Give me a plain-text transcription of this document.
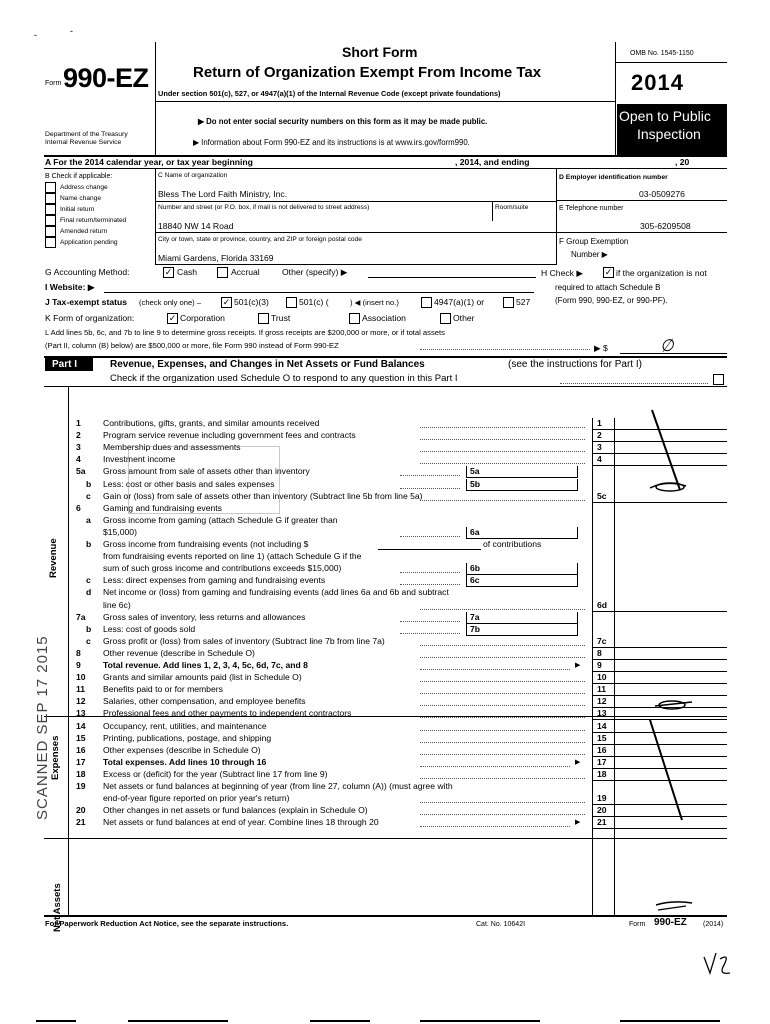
-	-
Form 990-EZ
Short Form
Return of Organization Exempt From Income Tax
Under section 501(c), 527, or 4947(a)(1) of the Internal Revenue Code (except private foundations)
▶ Do not enter social security numbers on this form as it may be made public.
▶ Information about Form 990-EZ and its instructions is at www.irs.gov/form990.
Department of the Treasury
Internal Revenue Service
OMB No. 1545-1150
2014
Open to Public
Inspection
A For the 2014 calendar year, or tax year beginning	, 2014, and ending	, 20
B Check if applicable:
Address change
Name change
Initial return
Final return/terminated
Amended return
Application pending
C Name of organization
Bless The Lord Faith Ministry, Inc.
Number and street (or P.O. box, if mail is not delivered to street address)	Room/suite
18840 NW 14 Road
City or town, state or province, country, and ZIP or foreign postal code
Miami Gardens, Florida 33169
D Employer identification number
03-0509276
E Telephone number
305-6209508
F Group Exemption
Number ▶
G Accounting Method:	✓ Cash	Accrual	Other (specify) ▶	H Check ▶ ✓ if the organization is not
required to attach Schedule B
(Form 990, 990-EZ, or 990-PF).
I Website: ▶
J Tax-exempt status (check only one) – ✓ 501(c)(3)	501(c) (	) ◀ (insert no.)	4947(a)(1) or	527
K Form of organization:	✓ Corporation	Trust	Association	Other
L Add lines 5b, 6c, and 7b to line 9 to determine gross receipts. If gross receipts are $200,000 or more, or if total assets
(Part II, column (B) below) are $500,000 or more, file Form 990 instead of Form 990-EZ	▶ $	∅
Part I	Revenue, Expenses, and Changes in Net Assets or Fund Balances	(see the instructions for Part I)
Check if the organization used Schedule O to respond to any question in this Part I
1	Contributions, gifts, grants, and similar amounts received	1
2	Program service revenue including government fees and contracts	2
3	Membership dues and assessments	3
4	Investment income	4
5a Gross amount from sale of assets other than inventory	5a
b Less: cost or other basis and sales expenses	5b
c Gain or (loss) from sale of assets other than inventory (Subtract line 5b from line 5a)	5c
6	Gaming and fundraising events
a Gross income from gaming (attach Schedule G if greater than
$15,000)	6a
b Gross income from fundraising events (not including $	of contributions
from fundraising events reported on line 1) (attach Schedule G if the
sum of such gross income and contributions exceeds $15,000)	6b
c Less: direct expenses from gaming and fundraising events	6c
d Net income or (loss) from gaming and fundraising events (add lines 6a and 6b and subtract
line 6c)	6d
7a Gross sales of inventory, less returns and allowances	7a
b Less: cost of goods sold	7b
c Gross profit or (loss) from sales of inventory (Subtract line 7b from line 7a)	7c
8	Other revenue (describe in Schedule O)	8
9	Total revenue. Add lines 1, 2, 3, 4, 5c, 6d, 7c, and 8	▶ 9
10 Grants and similar amounts paid (list in Schedule O)	10
11 Benefits paid to or for members	11
12 Salaries, other compensation, and employee benefits	12
13 Professional fees and other payments to independent contractors	13
14 Occupancy, rent, utilities, and maintenance	14
15 Printing, publications, postage, and shipping	15
16 Other expenses (describe in Schedule O)	16
17 Total expenses. Add lines 10 through 16	▶ 17
18 Excess or (deficit) for the year (Subtract line 17 from line 9)	18
19 Net assets or fund balances at beginning of year (from line 27, column (A)) (must agree with
end-of-year figure reported on prior year's return)	19
20 Other changes in net assets or fund balances (explain in Schedule O)	20
21 Net assets or fund balances at end of year. Combine lines 18 through 20	▶ 21
Revenue
Expenses
Net Assets
SCANNED SEP 17 2015
For Paperwork Reduction Act Notice, see the separate instructions.	Cat. No. 10642I	Form 990-EZ (2014)
